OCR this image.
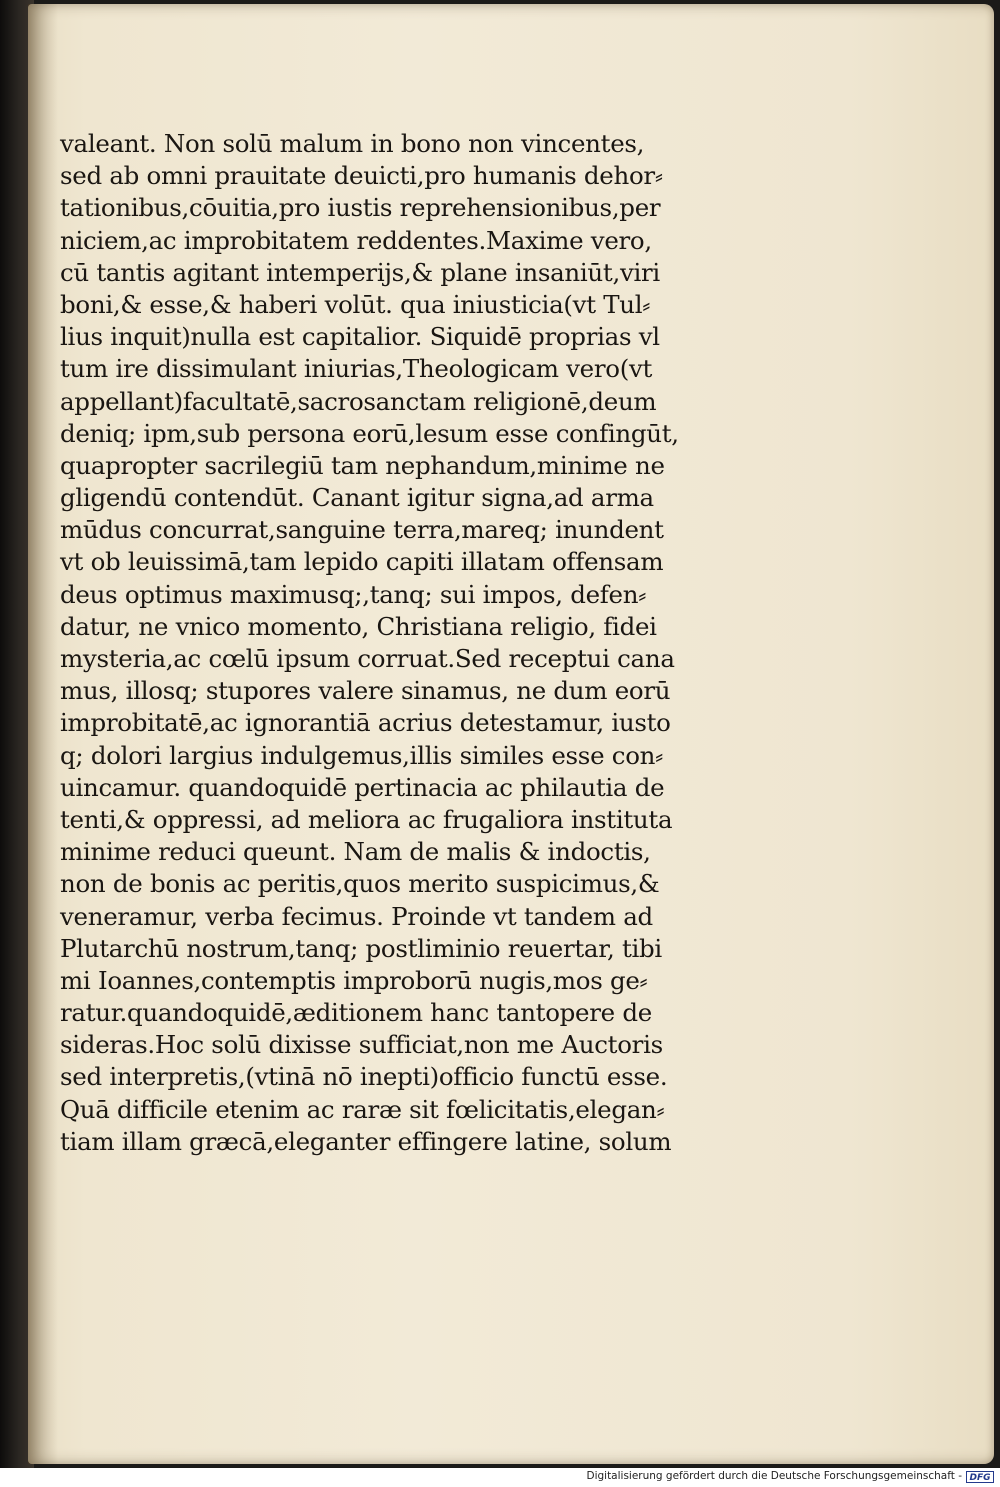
valeant. Non solū malum in bono non vincentes,
sed ab omni prauitate deuicti,pro humanis dehor⸗
tationibus,cōuitia,pro iustis reprehensionibus,per
niciem,ac improbitatem reddentes.Maxime vero,
cū tantis agitant intemperijs,& plane insaniūt,viri
boni,& esse,& haberi volūt. qua iniusticia(vt Tul⸗
lius inquit)nulla est capitalior. Siquidē proprias vl
tum ire dissimulant iniurias,Theologicam vero(vt
appellant)facultatē,sacrosanctam religionē,deum
deniq; ipm,sub persona eorū,lesum esse confingūt,
quapropter sacrilegiū tam nephandum,minime ne
gligendū contendūt. Canant igitur signa,ad arma
mūdus concurrat,sanguine terra,mareq; inundent
vt ob leuissimā,tam lepido capiti illatam offensam
deus optimus maximusq;,tanq; sui impos, defen⸗
datur, ne vnico momento, Christiana religio, fidei
mysteria,ac cœlū ipsum corruat.Sed receptui cana
mus, illosq; stupores valere sinamus, ne dum eorū
improbitatē,ac ignorantiā acrius detestamur, iusto
q; dolori largius indulgemus,illis similes esse con⸗
uincamur. quandoquidē pertinacia ac philautia de
tenti,& oppressi, ad meliora ac frugaliora instituta
minime reduci queunt. Nam de malis & indoctis,
non de bonis ac peritis,quos merito suspicimus,&
veneramur, verba fecimus. Proinde vt tandem ad
Plutarchū nostrum,tanq; postliminio reuertar, tibi
mi Ioannes,contemptis improborū nugis,mos ge⸗
ratur.quandoquidē,æditionem hanc tantopere de
sideras.Hoc solū dixisse sufficiat,non me Auctoris
sed interpretis,(vtinā nō inepti)officio functū esse.
Quā difficile etenim ac raræ sit fœlicitatis,elegan⸗
tiam illam græcā,eleganter effingere latine, solum
Digitalisierung gefördert durch die Deutsche Forschungsgemeinschaft - DFG
